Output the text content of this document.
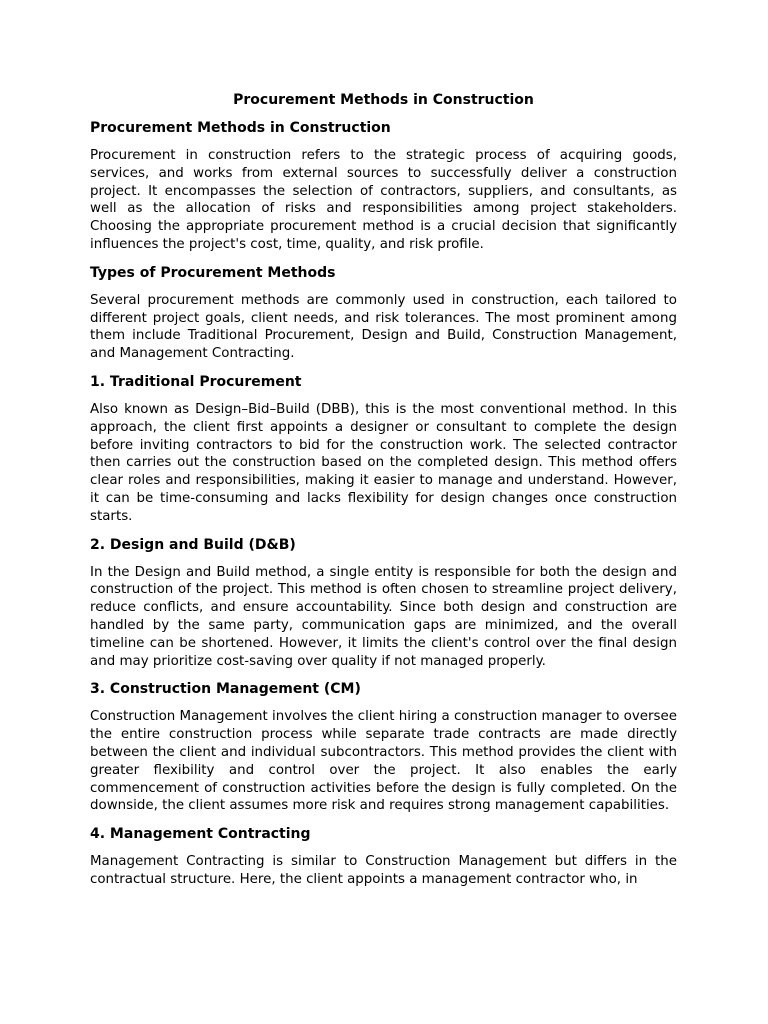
Procurement Methods in Construction
Procurement Methods in Construction

Procurement in construction refers to the strategic process of acquiring goods, services, and works from external sources to successfully deliver a construction project. It encompasses the selection of contractors, suppliers, and consultants, as well as the allocation of risks and responsibilities among project stakeholders. Choosing the appropriate procurement method is a crucial decision that significantly influences the project's cost, time, quality, and risk profile.

Types of Procurement Methods

Several procurement methods are commonly used in construction, each tailored to different project goals, client needs, and risk tolerances. The most prominent among them include Traditional Procurement, Design and Build, Construction Management, and Management Contracting.

1. Traditional Procurement

Also known as Design–Bid–Build (DBB), this is the most conventional method. In this approach, the client first appoints a designer or consultant to complete the design before inviting contractors to bid for the construction work. The selected contractor then carries out the construction based on the completed design. This method offers clear roles and responsibilities, making it easier to manage and understand. However, it can be time-consuming and lacks flexibility for design changes once construction starts.

2. Design and Build (D&B)

In the Design and Build method, a single entity is responsible for both the design and construction of the project. This method is often chosen to streamline project delivery, reduce conflicts, and ensure accountability. Since both design and construction are handled by the same party, communication gaps are minimized, and the overall timeline can be shortened. However, it limits the client's control over the final design and may prioritize cost-saving over quality if not managed properly.

3. Construction Management (CM)

Construction Management involves the client hiring a construction manager to oversee the entire construction process while separate trade contracts are made directly between the client and individual subcontractors. This method provides the client with greater flexibility and control over the project. It also enables the early commencement of construction activities before the design is fully completed. On the downside, the client assumes more risk and requires strong management capabilities.

4. Management Contracting

Management Contracting is similar to Construction Management but differs in the contractual structure. Here, the client appoints a management contractor who, in
